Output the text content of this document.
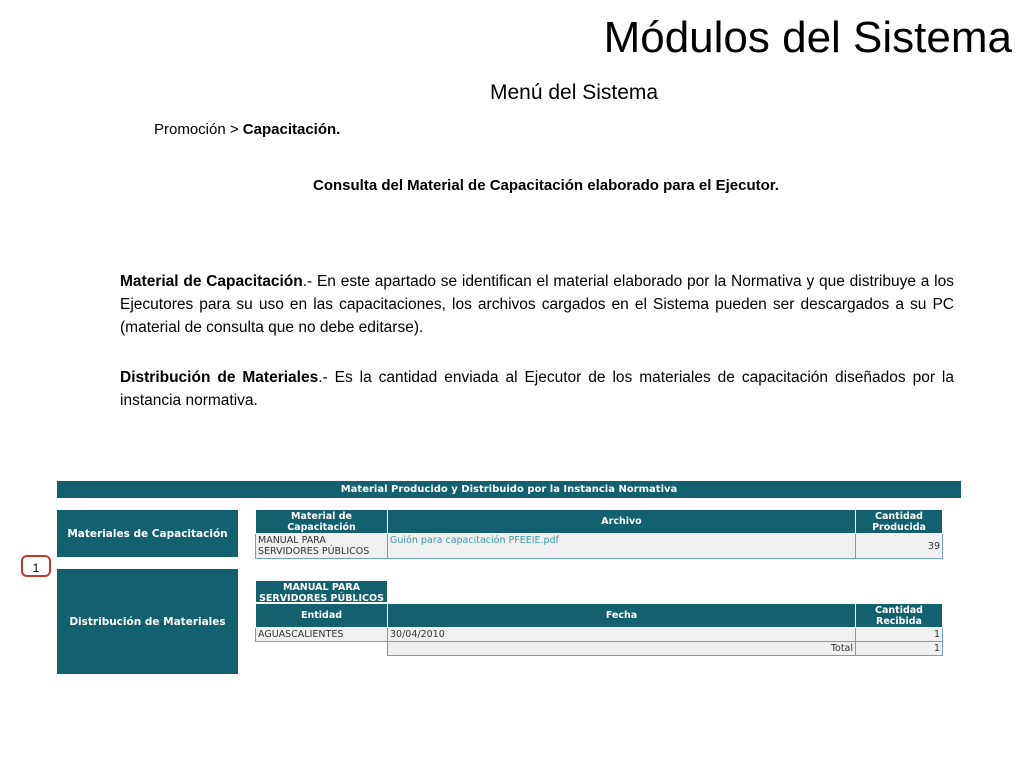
Módulos del Sistema
Menú del Sistema
Promoción > Capacitación.
Consulta del Material de Capacitación elaborado para el Ejecutor.
Material de Capacitación.- En este apartado se identifican el material elaborado por la Normativa y que distribuye a los Ejecutores para su uso en las capacitaciones, los archivos cargados en el Sistema pueden ser descargados a su PC (material de consulta que no debe editarse).
Distribución de Materiales.- Es la cantidad enviada al Ejecutor de los materiales de capacitación diseñados por la instancia normativa.
Material Producido y Distribuido por la Instancia Normativa
Materiales de Capacitación
Distribución de Materiales
1
Material de Capacitación	Archivo	Cantidad Producida
MANUAL PARA SERVIDORES PÚBLICOS	Guión para capacitación PFEEIE.pdf	39
MANUAL PARA SERVIDORES PÚBLICOS
Entidad	Fecha	Cantidad Recibida
AGUASCALIENTES	30/04/2010	1
	Total	1
